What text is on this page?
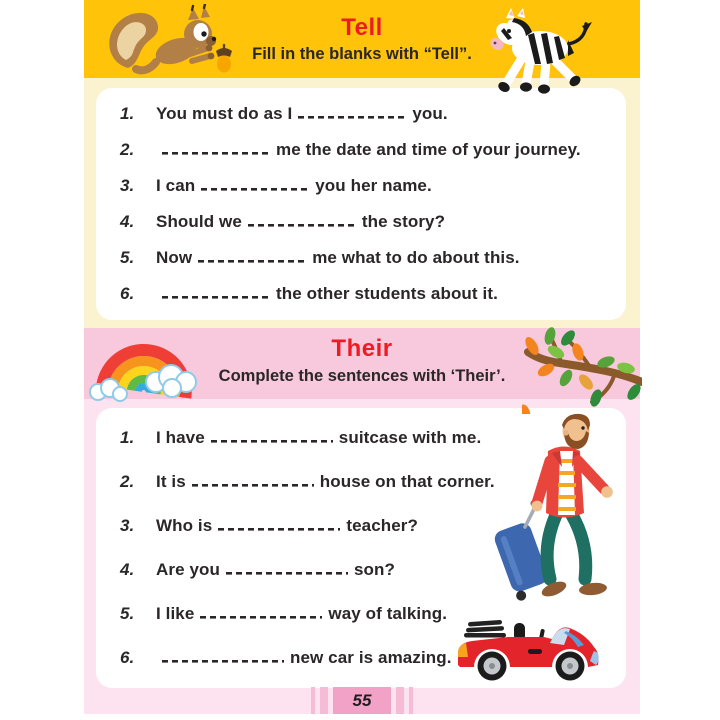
Tell
Fill in the blanks with “Tell”.
1.	You must do as I	you.
2.	me the date and time of your journey.
3.	I can	you her name.
4.	Should we	the story?
5.	Now	me what to do about this.
6.	the other students about it.
Their
Complete the sentences with ‘Their’.
1.	I have	suitcase with me.
2.	It is	house on that corner.
3.	Who is	teacher?
4.	Are you	son?
5.	I like	way of talking.
6.	new car is amazing.
55
